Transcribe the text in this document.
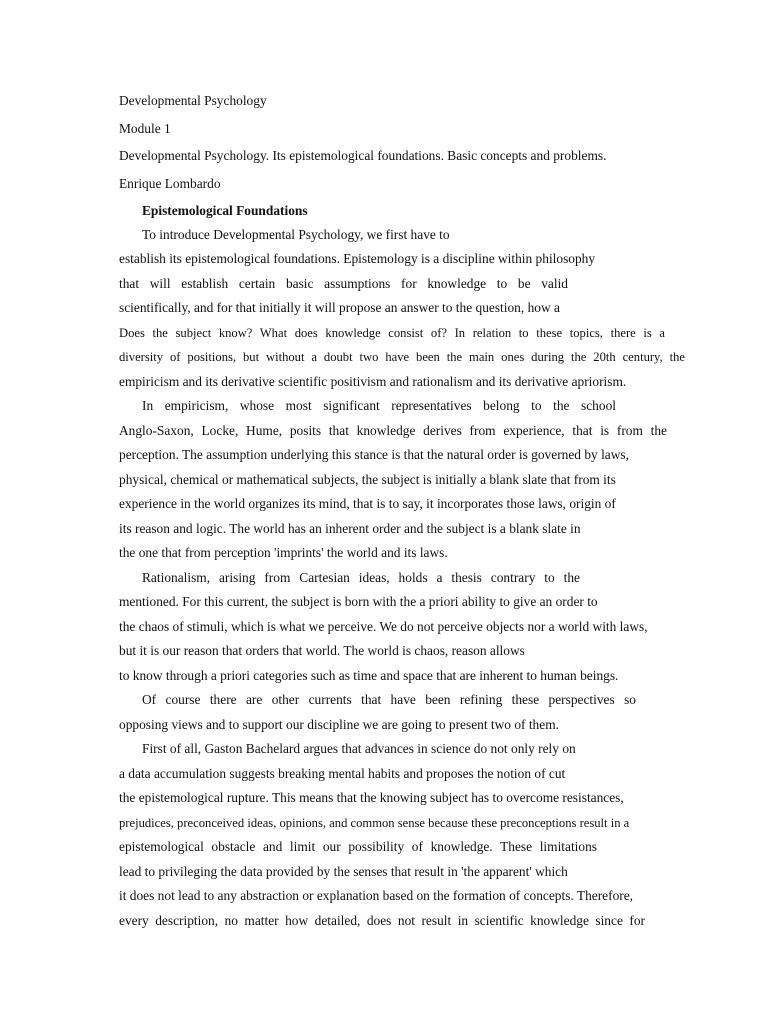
Developmental Psychology
Module 1
Developmental Psychology. Its epistemological foundations. Basic concepts and problems.
Enrique Lombardo
Epistemological Foundations
To introduce Developmental Psychology, we first have to
establish its epistemological foundations. Epistemology is a discipline within philosophy
that will establish certain basic assumptions for knowledge to be valid
scientifically, and for that initially it will propose an answer to the question, how a
Does the subject know? What does knowledge consist of? In relation to these topics, there is a
diversity of positions, but without a doubt two have been the main ones during the 20th century, the
empiricism and its derivative scientific positivism and rationalism and its derivative apriorism.
In empiricism, whose most significant representatives belong to the school
Anglo-Saxon, Locke, Hume, posits that knowledge derives from experience, that is from the
perception. The assumption underlying this stance is that the natural order is governed by laws,
physical, chemical or mathematical subjects, the subject is initially a blank slate that from its
experience in the world organizes its mind, that is to say, it incorporates those laws, origin of
its reason and logic. The world has an inherent order and the subject is a blank slate in
the one that from perception 'imprints' the world and its laws.
Rationalism, arising from Cartesian ideas, holds a thesis contrary to the
mentioned. For this current, the subject is born with the a priori ability to give an order to
the chaos of stimuli, which is what we perceive. We do not perceive objects nor a world with laws,
but it is our reason that orders that world. The world is chaos, reason allows
to know through a priori categories such as time and space that are inherent to human beings.
Of course there are other currents that have been refining these perspectives so
opposing views and to support our discipline we are going to present two of them.
First of all, Gaston Bachelard argues that advances in science do not only rely on
a data accumulation suggests breaking mental habits and proposes the notion of cut
the epistemological rupture. This means that the knowing subject has to overcome resistances,
prejudices, preconceived ideas, opinions, and common sense because these preconceptions result in a
epistemological obstacle and limit our possibility of knowledge. These limitations
lead to privileging the data provided by the senses that result in 'the apparent' which
it does not lead to any abstraction or explanation based on the formation of concepts. Therefore,
every description, no matter how detailed, does not result in scientific knowledge since for
